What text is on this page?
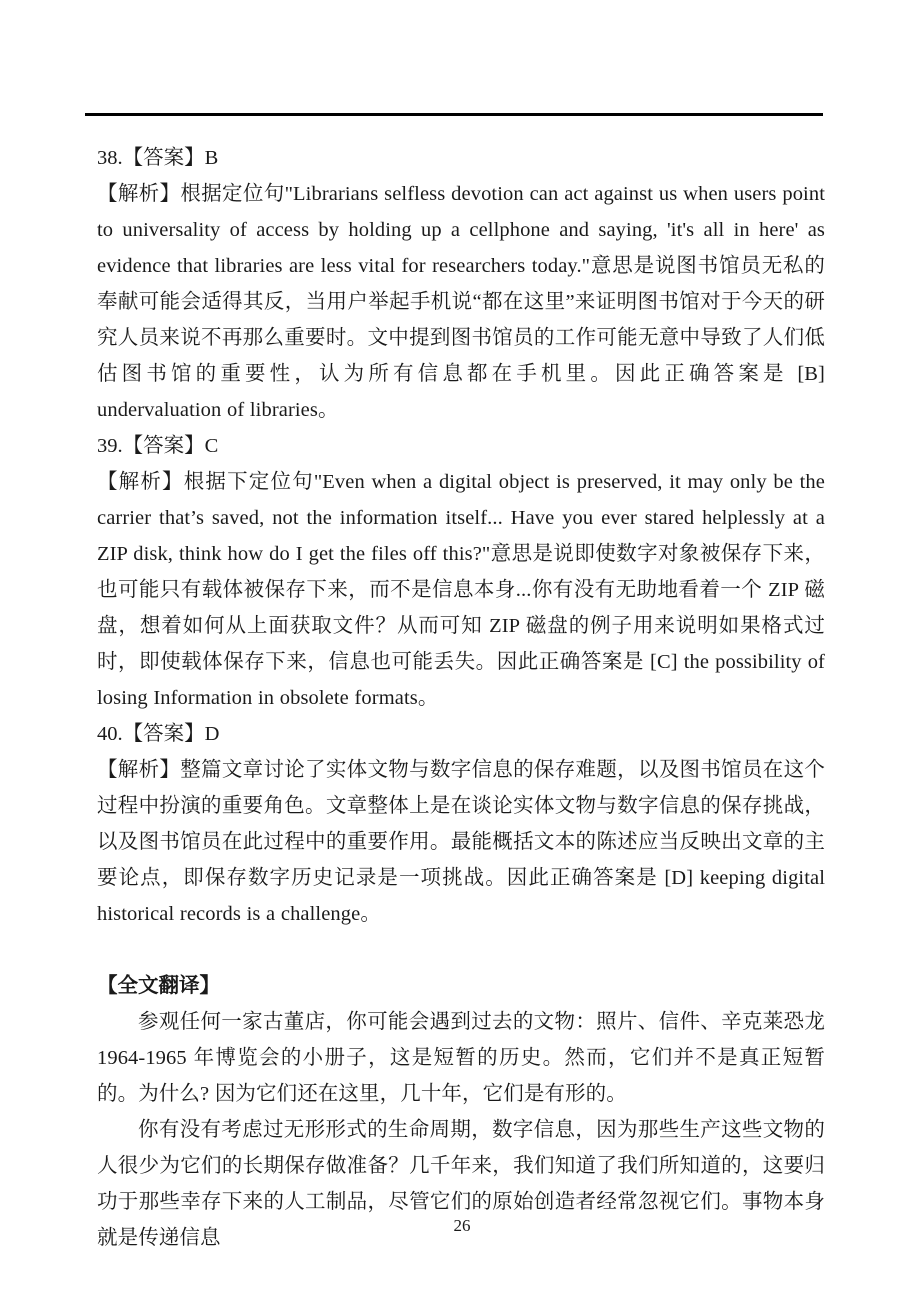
38.【答案】B

【解析】根据定位句"Librarians selfless devotion can act against us when users point to universality of access by holding up a cellphone and saying, 'it's all in here' as evidence that libraries are less vital for researchers today."意思是说图书馆员无私的奉献可能会适得其反，当用户举起手机说“都在这里”来证明图书馆对于今天的研究人员来说不再那么重要时。文中提到图书馆员的工作可能无意中导致了人们低估图书馆的重要性，认为所有信息都在手机里。因此正确答案是 [B] undervaluation of libraries。

39.【答案】C

【解析】根据下定位句"Even when a digital object is preserved, it may only be the carrier that’s saved, not the information itself... Have you ever stared helplessly at a ZIP disk, think how do I get the files off this?"意思是说即使数字对象被保存下来，也可能只有载体被保存下来，而不是信息本身...你有没有无助地看着一个 ZIP 磁盘，想着如何从上面获取文件？从而可知 ZIP 磁盘的例子用来说明如果格式过时，即使载体保存下来，信息也可能丢失。因此正确答案是 [C] the possibility of losing Information in obsolete formats。

40.【答案】D

【解析】整篇文章讨论了实体文物与数字信息的保存难题，以及图书馆员在这个过程中扮演的重要角色。文章整体上是在谈论实体文物与数字信息的保存挑战，以及图书馆员在此过程中的重要作用。最能概括文本的陈述应当反映出文章的主要论点，即保存数字历史记录是一项挑战。因此正确答案是 [D] keeping digital historical records is a challenge。

【全文翻译】

参观任何一家古董店，你可能会遇到过去的文物：照片、信件、辛克莱恐龙 1964-1965 年博览会的小册子，这是短暂的历史。然而，它们并不是真正短暂的。为什么? 因为它们还在这里，几十年，它们是有形的。

你有没有考虑过无形形式的生命周期，数字信息，因为那些生产这些文物的人很少为它们的长期保存做准备？几千年来，我们知道了我们所知道的，这要归功于那些幸存下来的人工制品，尽管它们的原始创造者经常忽视它们。事物本身就是传递信息

26
